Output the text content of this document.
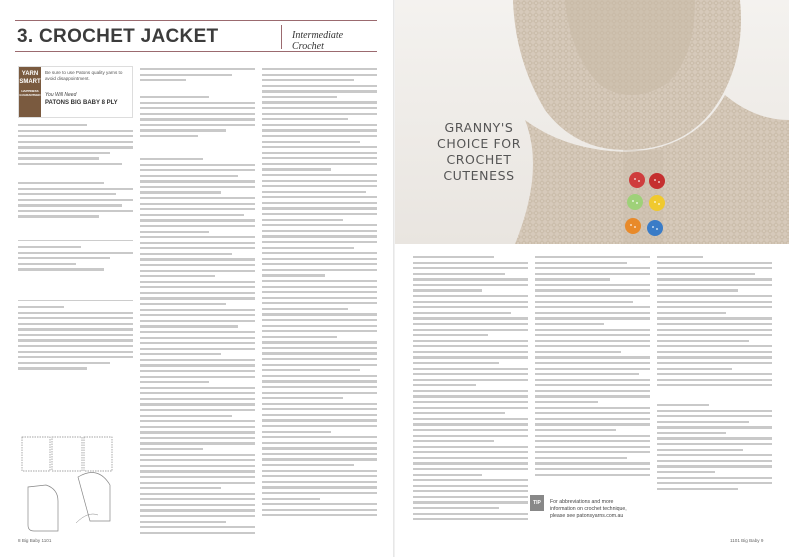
3. CROCHET JACKET	Intermediate Crochet
YARN
SMART
HAPPINESS
GUARANTEED
Be sure to use Patons quality yarns to avoid disappointment.
You Will Need
PATONS BIG BABY 8 PLY
8 Big Baby 1101
GRANNY'S CHOICE FOR
CROCHET CUTENESS
TIP	For abbreviations and more
information on crochet technique,
please see patonsyarns.com.au
1101 Big Baby 9
